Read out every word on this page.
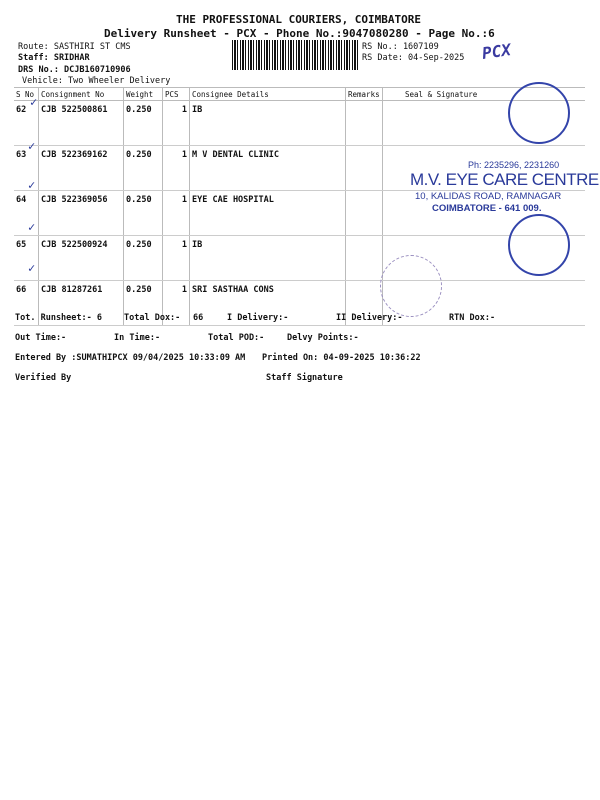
THE PROFESSIONAL COURIERS, COIMBATORE
Delivery Runsheet - PCX - Phone No.:9047080280 - Page No.:6
Route: SASTHIRI ST CMS
Staff: SRIDHAR
DRS No.: DCJB160710906
Vehicle: Two Wheeler Delivery
RS No.: 1607109
RS Date: 04-Sep-2025 PCX
S No	Consignment No	Weight	PCS	Consignee Details	Remarks	Seal & Signature
62	CJB 522500861	0.250	1	IB		
63	CJB 522369162	0.250	1	M V DENTAL CLINIC		
64	CJB 522369056	0.250	1	EYE CAE HOSPITAL		
65	CJB 522500924	0.250	1	IB		
66	CJB 81287261	0.250	1	SRI SASTHAA CONS		
✓
✓
✓
✓
✓
Ph: 2235296, 2231260
M.V. EYE CARE CENTRE
10, KALIDAS ROAD, RAMNAGAR
COIMBATORE - 641 009.
Tot. Runsheet:- 6	Total Dox:- 66	I Delivery:-	II Delivery:-	RTN Dox:-
Out Time:-	In Time:-	Total POD:-	Delvy Points:-
Entered By :SUMATHIPCX 09/04/2025 10:33:09 AM Printed On: 04-09-2025 10:36:22
Verified By	Staff Signature
